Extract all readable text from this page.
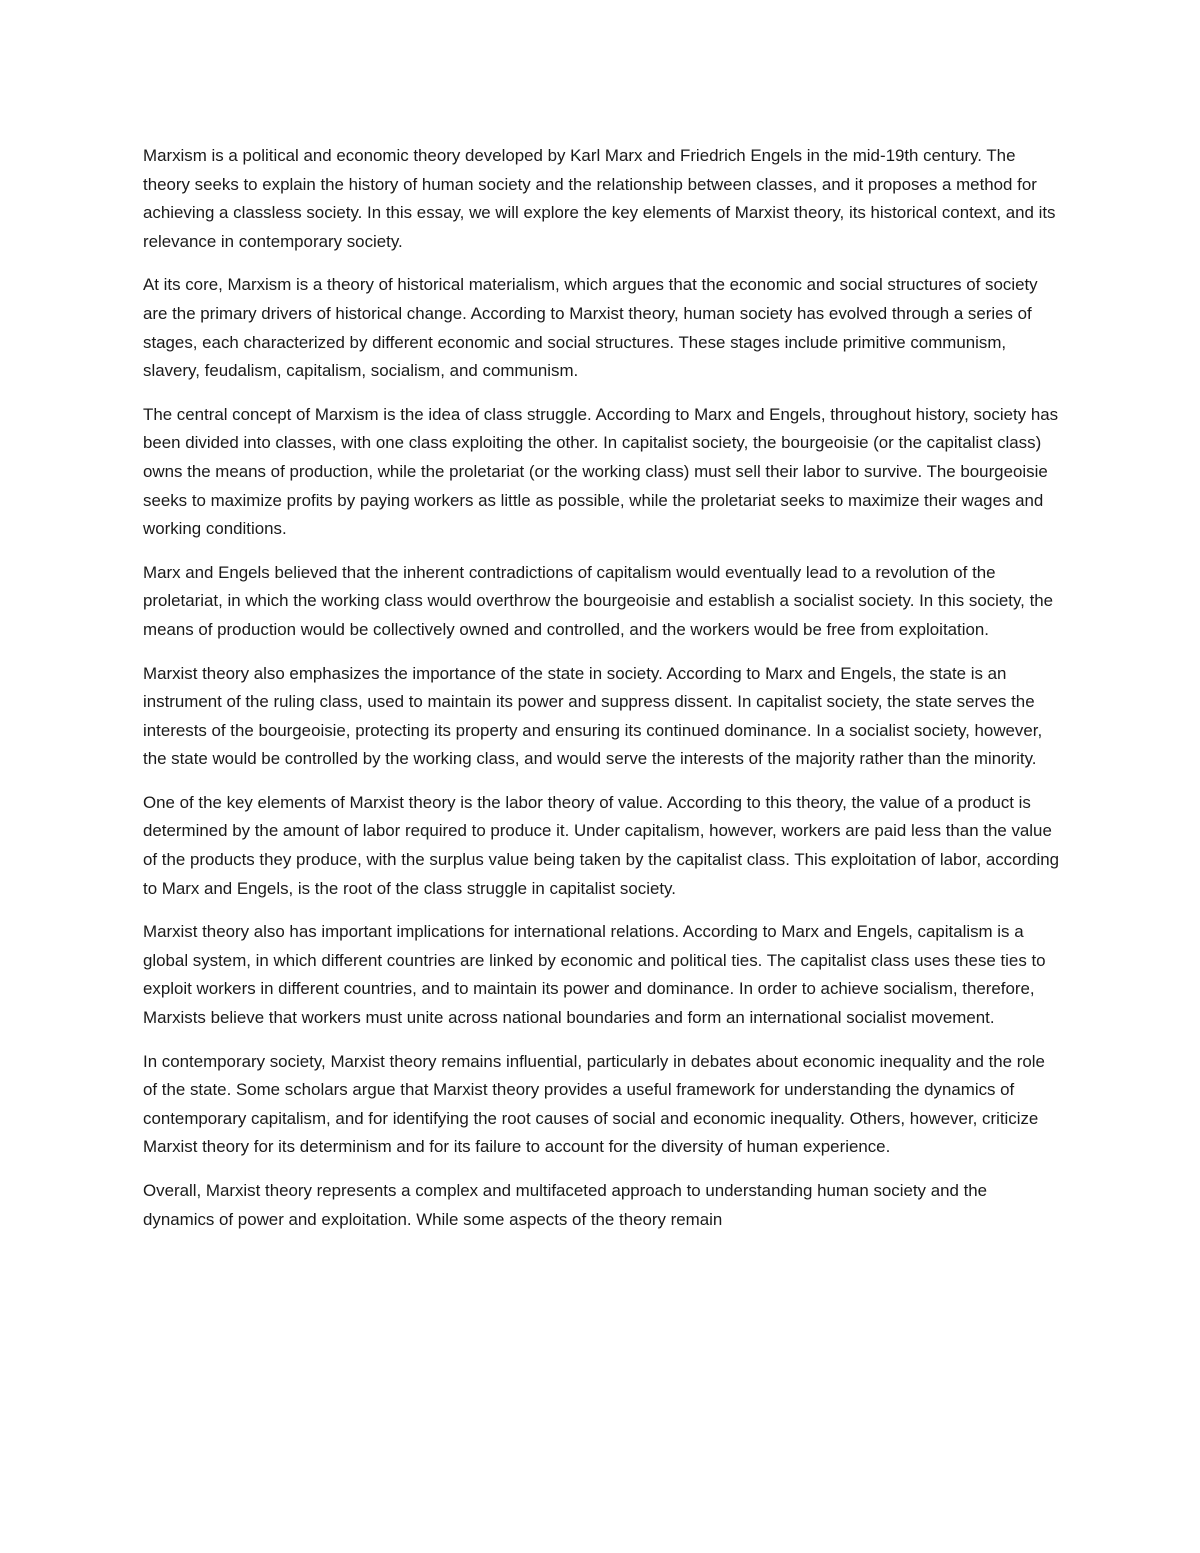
Marxism is a political and economic theory developed by Karl Marx and Friedrich Engels in the mid-19th century. The theory seeks to explain the history of human society and the relationship between classes, and it proposes a method for achieving a classless society. In this essay, we will explore the key elements of Marxist theory, its historical context, and its relevance in contemporary society.

At its core, Marxism is a theory of historical materialism, which argues that the economic and social structures of society are the primary drivers of historical change. According to Marxist theory, human society has evolved through a series of stages, each characterized by different economic and social structures. These stages include primitive communism, slavery, feudalism, capitalism, socialism, and communism.

The central concept of Marxism is the idea of class struggle. According to Marx and Engels, throughout history, society has been divided into classes, with one class exploiting the other. In capitalist society, the bourgeoisie (or the capitalist class) owns the means of production, while the proletariat (or the working class) must sell their labor to survive. The bourgeoisie seeks to maximize profits by paying workers as little as possible, while the proletariat seeks to maximize their wages and working conditions.

Marx and Engels believed that the inherent contradictions of capitalism would eventually lead to a revolution of the proletariat, in which the working class would overthrow the bourgeoisie and establish a socialist society. In this society, the means of production would be collectively owned and controlled, and the workers would be free from exploitation.

Marxist theory also emphasizes the importance of the state in society. According to Marx and Engels, the state is an instrument of the ruling class, used to maintain its power and suppress dissent. In capitalist society, the state serves the interests of the bourgeoisie, protecting its property and ensuring its continued dominance. In a socialist society, however, the state would be controlled by the working class, and would serve the interests of the majority rather than the minority.

One of the key elements of Marxist theory is the labor theory of value. According to this theory, the value of a product is determined by the amount of labor required to produce it. Under capitalism, however, workers are paid less than the value of the products they produce, with the surplus value being taken by the capitalist class. This exploitation of labor, according to Marx and Engels, is the root of the class struggle in capitalist society.

Marxist theory also has important implications for international relations. According to Marx and Engels, capitalism is a global system, in which different countries are linked by economic and political ties. The capitalist class uses these ties to exploit workers in different countries, and to maintain its power and dominance. In order to achieve socialism, therefore, Marxists believe that workers must unite across national boundaries and form an international socialist movement.

In contemporary society, Marxist theory remains influential, particularly in debates about economic inequality and the role of the state. Some scholars argue that Marxist theory provides a useful framework for understanding the dynamics of contemporary capitalism, and for identifying the root causes of social and economic inequality. Others, however, criticize Marxist theory for its determinism and for its failure to account for the diversity of human experience.

Overall, Marxist theory represents a complex and multifaceted approach to understanding human society and the dynamics of power and exploitation. While some aspects of the theory remain
